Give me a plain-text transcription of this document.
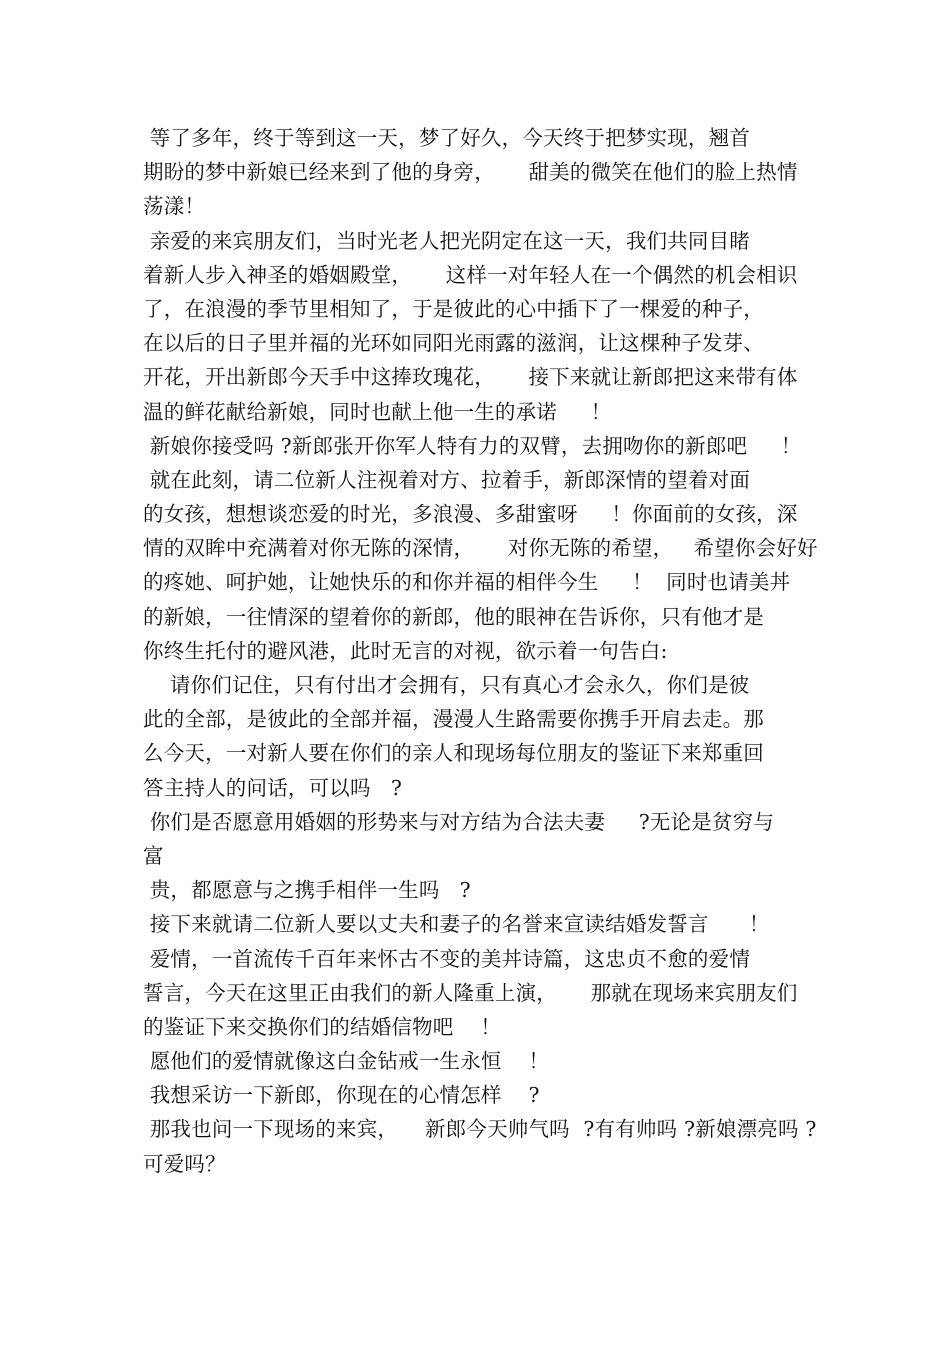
等了多年，终于等到这一天，梦了好久，今天终于把梦实现，翘首
期盼的梦中新娘已经来到了他的身旁，     甜美的微笑在他们的脸上热情
荡漾！
亲爱的来宾朋友们，当时光老人把光阴定在这一天，我们共同目睹
着新人步入神圣的婚姻殿堂，     这样一对年轻人在一个偶然的机会相识
了，在浪漫的季节里相知了，于是彼此的心中插下了一棵爱的种子，
在以后的日子里并福的光环如同阳光雨露的滋润，让这棵种子发芽、
开花，开出新郎今天手中这捧玫瑰花，     接下来就让新郎把这来带有体
温的鲜花献给新娘，同时也献上他一生的承诺     ！
新娘你接受吗 ?新郎张开你军人特有力的双臂，去拥吻你的新郎吧     ！
就在此刻，请二位新人注视着对方、拉着手，新郎深情的望着对面
的女孩，想想谈恋爱的时光，多浪漫、多甜蜜呀     ！你面前的女孩，深
情的双眸中充满着对你无陈的深情，     对你无陈的希望，   希望你会好好
的疼她、呵护她，让她快乐的和你并福的相伴今生     ！  同时也请美丼
的新娘，一往情深的望着你的新郎，他的眼神在告诉你，只有他才是
你终生托付的避风港，此时无言的对视，欲示着一句告白:
请你们记住，只有付出才会拥有，只有真心才会永久，你们是彼
此的全部，是彼此的全部并福，漫漫人生路需要你携手开肩去走。那
么今天，一对新人要在你们的亲人和现场每位朋友的鉴证下来郑重回
答主持人的问话，可以吗   ?
你们是否愿意用婚姻的形势来与对方结为合法夫妻     ?无论是贫穷与
富
贵，都愿意与之携手相伴一生吗   ?
接下来就请二位新人要以丈夫和妻子的名誉来宣读结婚发誓言      ！
爱情，一首流传千百年来怀古不变的美丼诗篇，这忠贞不愈的爱情
誓言，今天在这里正由我们的新人隆重上演，     那就在现场来宾朋友们
的鉴证下来交换你们的结婚信物吧    ！
愿他们的爱情就像这白金钻戒一生永恒    ！
我想采访一下新郎，你现在的心情怎样    ?
那我也问一下现场的来宾，    新郎今天帅气吗  ?有有帅吗 ?新娘漂亮吗 ?
可爱吗？
